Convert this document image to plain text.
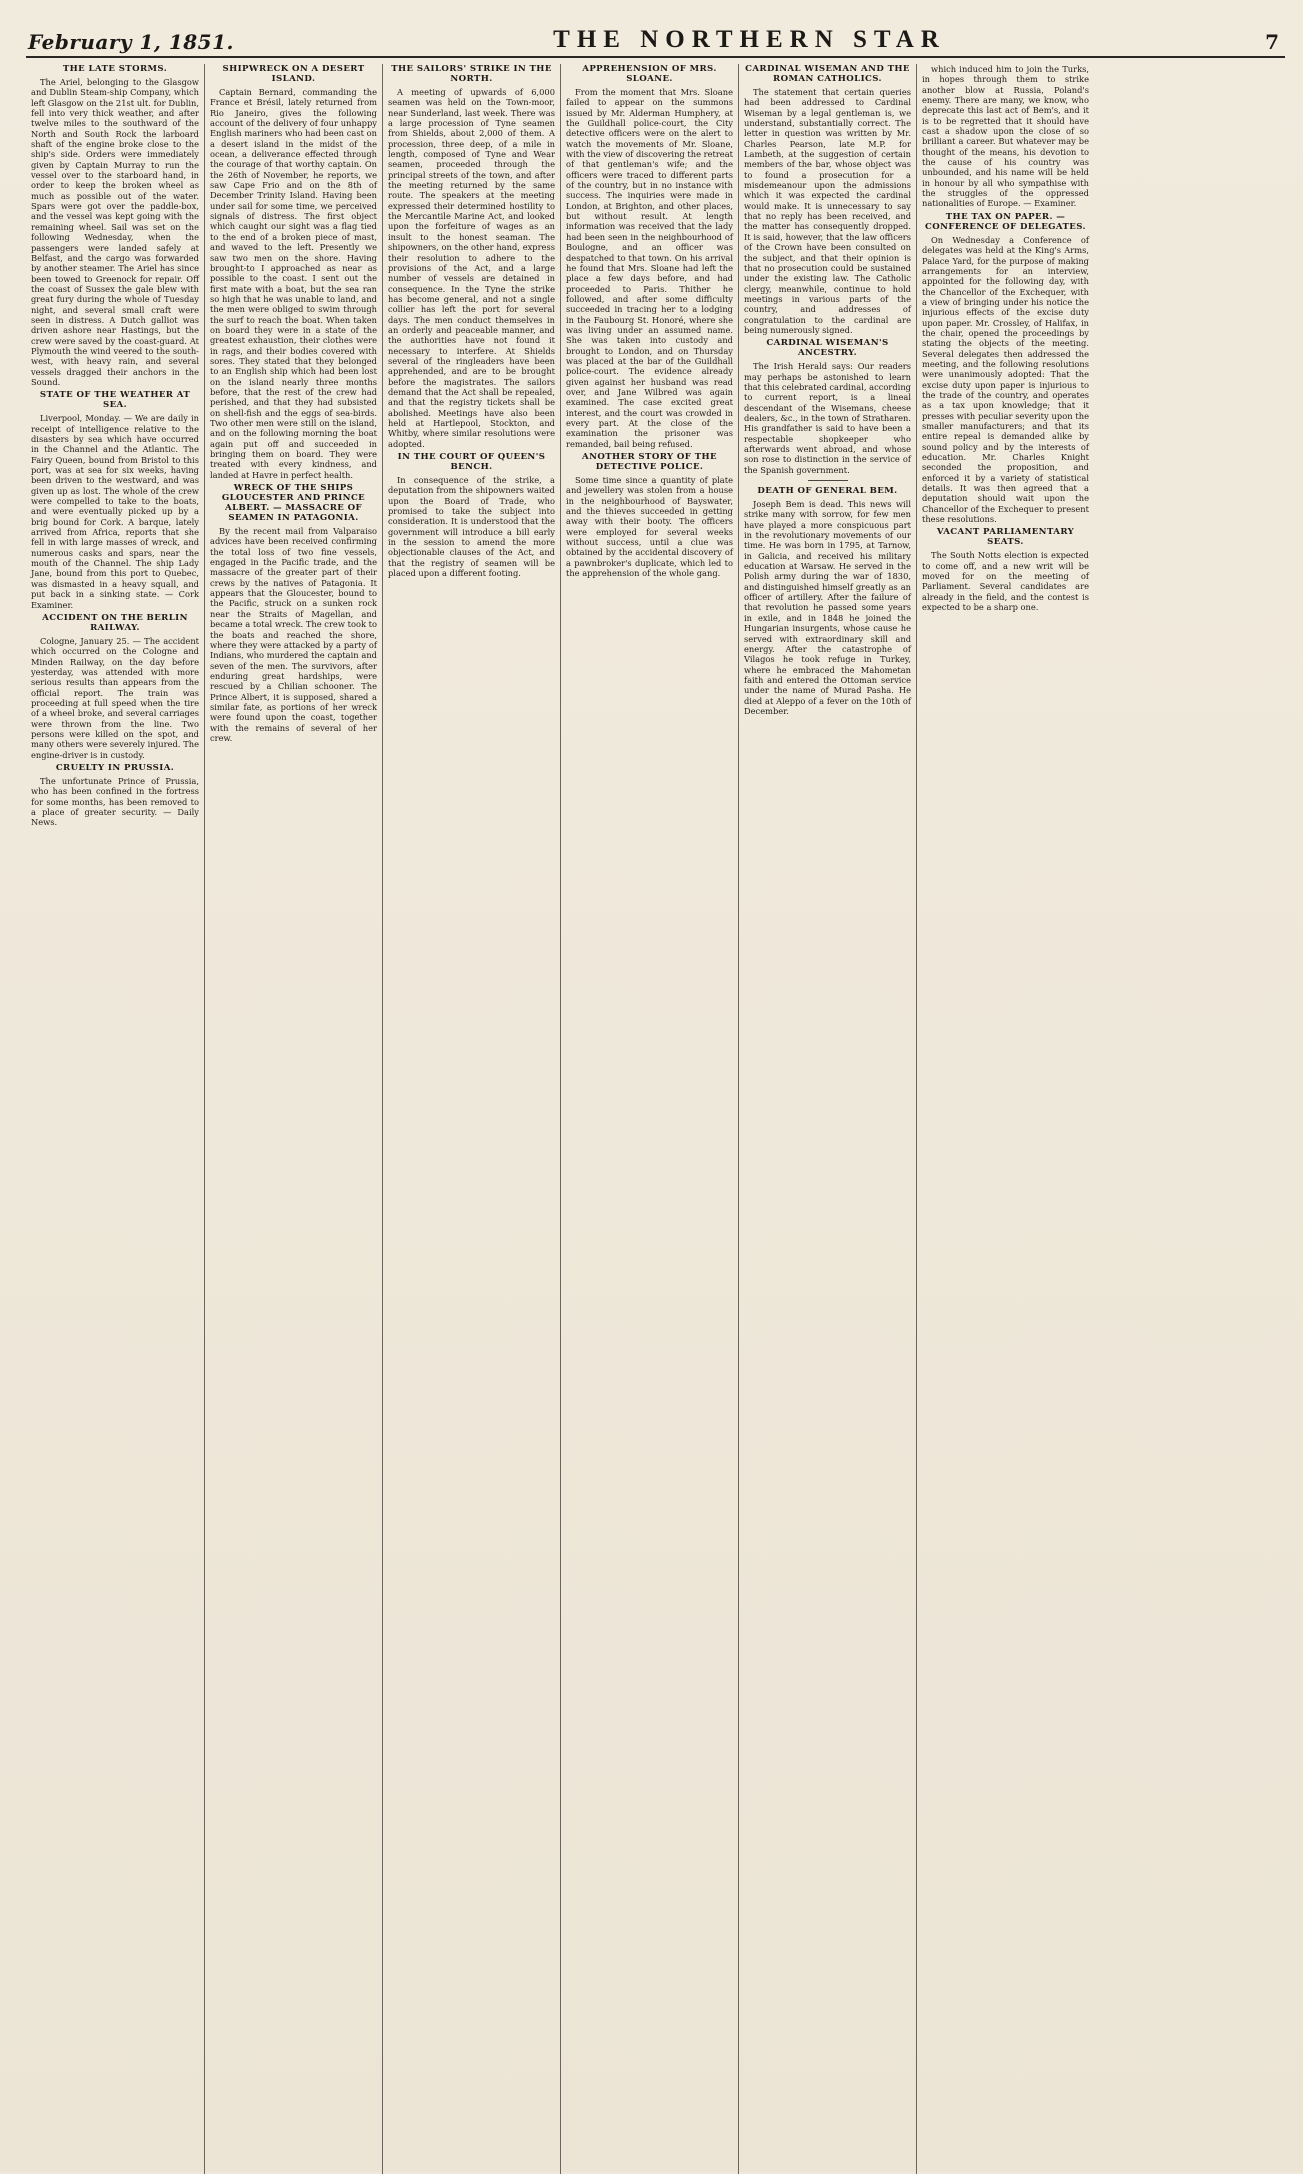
February 1, 1851.	THE NORTHERN STAR	7
THE LATE STORMS.

The Ariel, belonging to the Glasgow and Dublin Steam-ship Company, which left Glasgow on the 21st ult. for Dublin, fell into very thick weather, and after twelve miles to the southward of the North and South Rock the larboard shaft of the engine broke close to the ship's side. Orders were immediately given by Captain Murray to run the vessel over to the starboard hand, in order to keep the broken wheel as much as possible out of the water. Spars were got over the paddle-box, and the vessel was kept going with the remaining wheel. Sail was set on the following Wednesday, when the passengers were landed safely at Belfast, and the cargo was forwarded by another steamer. The Ariel has since been towed to Greenock for repair. Off the coast of Sussex the gale blew with great fury during the whole of Tuesday night, and several small craft were seen in distress. A Dutch galliot was driven ashore near Hastings, but the crew were saved by the coast-guard. At Plymouth the wind veered to the south-west, with heavy rain, and several vessels dragged their anchors in the Sound.

STATE OF THE WEATHER AT SEA.

Liverpool, Monday. — We are daily in receipt of intelligence relative to the disasters by sea which have occurred in the Channel and the Atlantic. The Fairy Queen, bound from Bristol to this port, was at sea for six weeks, having been driven to the westward, and was given up as lost. The whole of the crew were compelled to take to the boats, and were eventually picked up by a brig bound for Cork. A barque, lately arrived from Africa, reports that she fell in with large masses of wreck, and numerous casks and spars, near the mouth of the Channel. The ship Lady Jane, bound from this port to Quebec, was dismasted in a heavy squall, and put back in a sinking state. — Cork Examiner.

ACCIDENT ON THE BERLIN RAILWAY.

Cologne, January 25. — The accident which occurred on the Cologne and Minden Railway, on the day before yesterday, was attended with more serious results than appears from the official report. The train was proceeding at full speed when the tire of a wheel broke, and several carriages were thrown from the line. Two persons were killed on the spot, and many others were severely injured. The engine-driver is in custody.

CRUELTY IN PRUSSIA.

The unfortunate Prince of Prussia, who has been confined in the fortress for some months, has been removed to a place of greater security. — Daily News.

SHIPWRECK ON A DESERT ISLAND.

Captain Bernard, commanding the France et Brésil, lately returned from Rio Janeiro, gives the following account of the delivery of four unhappy English mariners who had been cast on a desert island in the midst of the ocean, a deliverance effected through the courage of that worthy captain. On the 26th of November, he reports, we saw Cape Frio and on the 8th of December Trinity Island. Having been under sail for some time, we perceived signals of distress. The first object which caught our sight was a flag tied to the end of a broken piece of mast, and waved to the left. Presently we saw two men on the shore. Having brought-to I approached as near as possible to the coast. I sent out the first mate with a boat, but the sea ran so high that he was unable to land, and the men were obliged to swim through the surf to reach the boat. When taken on board they were in a state of the greatest exhaustion, their clothes were in rags, and their bodies covered with sores. They stated that they belonged to an English ship which had been lost on the island nearly three months before, that the rest of the crew had perished, and that they had subsisted on shell-fish and the eggs of sea-birds. Two other men were still on the island, and on the following morning the boat again put off and succeeded in bringing them on board. They were treated with every kindness, and landed at Havre in perfect health.

WRECK OF THE SHIPS GLOUCESTER AND PRINCE ALBERT. — MASSACRE OF SEAMEN IN PATAGONIA.

By the recent mail from Valparaiso advices have been received confirming the total loss of two fine vessels, engaged in the Pacific trade, and the massacre of the greater part of their crews by the natives of Patagonia. It appears that the Gloucester, bound to the Pacific, struck on a sunken rock near the Straits of Magellan, and became a total wreck. The crew took to the boats and reached the shore, where they were attacked by a party of Indians, who murdered the captain and seven of the men. The survivors, after enduring great hardships, were rescued by a Chilian schooner. The Prince Albert, it is supposed, shared a similar fate, as portions of her wreck were found upon the coast, together with the remains of several of her crew.

THE SAILORS' STRIKE IN THE NORTH.

A meeting of upwards of 6,000 seamen was held on the Town-moor, near Sunderland, last week. There was a large procession of Tyne seamen from Shields, about 2,000 of them. A procession, three deep, of a mile in length, composed of Tyne and Wear seamen, proceeded through the principal streets of the town, and after the meeting returned by the same route. The speakers at the meeting expressed their determined hostility to the Mercantile Marine Act, and looked upon the forfeiture of wages as an insult to the honest seaman. The shipowners, on the other hand, express their resolution to adhere to the provisions of the Act, and a large number of vessels are detained in consequence. In the Tyne the strike has become general, and not a single collier has left the port for several days. The men conduct themselves in an orderly and peaceable manner, and the authorities have not found it necessary to interfere. At Shields several of the ringleaders have been apprehended, and are to be brought before the magistrates. The sailors demand that the Act shall be repealed, and that the registry tickets shall be abolished. Meetings have also been held at Hartlepool, Stockton, and Whitby, where similar resolutions were adopted.

IN THE COURT OF QUEEN'S BENCH.

In consequence of the strike, a deputation from the shipowners waited upon the Board of Trade, who promised to take the subject into consideration. It is understood that the government will introduce a bill early in the session to amend the more objectionable clauses of the Act, and that the registry of seamen will be placed upon a different footing.

APPREHENSION OF MRS. SLOANE.

From the moment that Mrs. Sloane failed to appear on the summons issued by Mr. Alderman Humphery, at the Guildhall police-court, the City detective officers were on the alert to watch the movements of Mr. Sloane, with the view of discovering the retreat of that gentleman's wife; and the officers were traced to different parts of the country, but in no instance with success. The inquiries were made in London, at Brighton, and other places, but without result. At length information was received that the lady had been seen in the neighbourhood of Boulogne, and an officer was despatched to that town. On his arrival he found that Mrs. Sloane had left the place a few days before, and had proceeded to Paris. Thither he followed, and after some difficulty succeeded in tracing her to a lodging in the Faubourg St. Honoré, where she was living under an assumed name. She was taken into custody and brought to London, and on Thursday was placed at the bar of the Guildhall police-court. The evidence already given against her husband was read over, and Jane Wilbred was again examined. The case excited great interest, and the court was crowded in every part. At the close of the examination the prisoner was remanded, bail being refused.

ANOTHER STORY OF THE DETECTIVE POLICE.

Some time since a quantity of plate and jewellery was stolen from a house in the neighbourhood of Bayswater, and the thieves succeeded in getting away with their booty. The officers were employed for several weeks without success, until a clue was obtained by the accidental discovery of a pawnbroker's duplicate, which led to the apprehension of the whole gang.

CARDINAL WISEMAN AND THE ROMAN CATHOLICS.

The statement that certain queries had been addressed to Cardinal Wiseman by a legal gentleman is, we understand, substantially correct. The letter in question was written by Mr. Charles Pearson, late M.P. for Lambeth, at the suggestion of certain members of the bar, whose object was to found a prosecution for a misdemeanour upon the admissions which it was expected the cardinal would make. It is unnecessary to say that no reply has been received, and the matter has consequently dropped. It is said, however, that the law officers of the Crown have been consulted on the subject, and that their opinion is that no prosecution could be sustained under the existing law. The Catholic clergy, meanwhile, continue to hold meetings in various parts of the country, and addresses of congratulation to the cardinal are being numerously signed.

CARDINAL WISEMAN'S ANCESTRY.

The Irish Herald says: Our readers may perhaps be astonished to learn that this celebrated cardinal, according to current report, is a lineal descendant of the Wisemans, cheese dealers, &c., in the town of Stratharen. His grandfather is said to have been a respectable shopkeeper who afterwards went abroad, and whose son rose to distinction in the service of the Spanish government.

DEATH OF GENERAL BEM.

Joseph Bem is dead. This news will strike many with sorrow, for few men have played a more conspicuous part in the revolutionary movements of our time. He was born in 1795, at Tarnow, in Galicia, and received his military education at Warsaw. He served in the Polish army during the war of 1830, and distinguished himself greatly as an officer of artillery. After the failure of that revolution he passed some years in exile, and in 1848 he joined the Hungarian insurgents, whose cause he served with extraordinary skill and energy. After the catastrophe of Vilagos he took refuge in Turkey, where he embraced the Mahometan faith and entered the Ottoman service under the name of Murad Pasha. He died at Aleppo of a fever on the 10th of December.

which induced him to join the Turks, in hopes through them to strike another blow at Russia, Poland's enemy. There are many, we know, who deprecate this last act of Bem's, and it is to be regretted that it should have cast a shadow upon the close of so brilliant a career. But whatever may be thought of the means, his devotion to the cause of his country was unbounded, and his name will be held in honour by all who sympathise with the struggles of the oppressed nationalities of Europe. — Examiner.

THE TAX ON PAPER. — CONFERENCE OF DELEGATES.

On Wednesday a Conference of delegates was held at the King's Arms, Palace Yard, for the purpose of making arrangements for an interview, appointed for the following day, with the Chancellor of the Exchequer, with a view of bringing under his notice the injurious effects of the excise duty upon paper. Mr. Crossley, of Halifax, in the chair, opened the proceedings by stating the objects of the meeting. Several delegates then addressed the meeting, and the following resolutions were unanimously adopted: That the excise duty upon paper is injurious to the trade of the country, and operates as a tax upon knowledge; that it presses with peculiar severity upon the smaller manufacturers; and that its entire repeal is demanded alike by sound policy and by the interests of education. Mr. Charles Knight seconded the proposition, and enforced it by a variety of statistical details. It was then agreed that a deputation should wait upon the Chancellor of the Exchequer to present these resolutions.

VACANT PARLIAMENTARY SEATS.

The South Notts election is expected to come off, and a new writ will be moved for on the meeting of Parliament. Several candidates are already in the field, and the contest is expected to be a sharp one.
